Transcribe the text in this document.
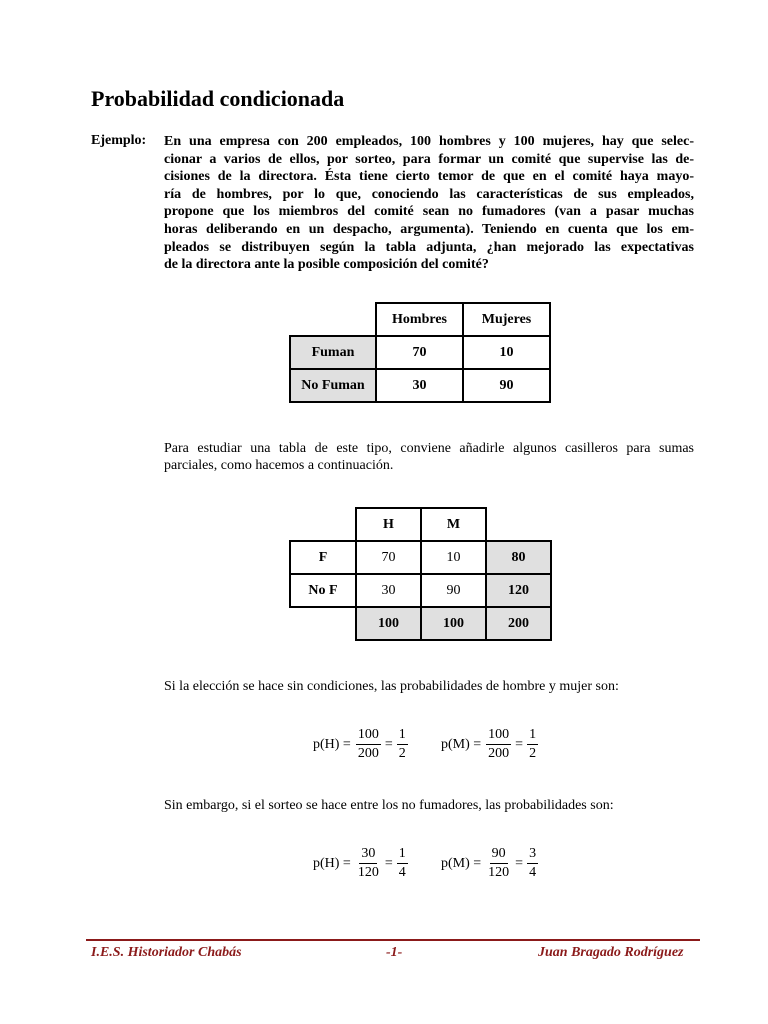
Probabilidad condicionada
Ejemplo: En una empresa con 200 empleados, 100 hombres y 100 mujeres, hay que selec-
cionar a varios de ellos, por sorteo, para formar un comité que supervise las de-
cisiones de la directora. Ésta tiene cierto temor de que en el comité haya mayo-
ría de hombres, por lo que, conociendo las características de sus empleados,
propone que los miembros del comité sean no fumadores (van a pasar muchas
horas deliberando en un despacho, argumenta). Teniendo en cuenta que los em-
pleados se distribuyen según la tabla adjunta, ¿han mejorado las expectativas
de la directora ante la posible composición del comité?
	Hombres	Mujeres
Fuman	70	10
No Fuman	30	90

Para estudiar una tabla de este tipo, conviene añadirle algunos casilleros para sumas
parciales, como hacemos a continuación.

	H	M	
F	70	10	80
No F	30	90	120
	100	100	200

Si la elección se hace sin condiciones, las probabilidades de hombre y mujer son:

$p(H) = \frac{100}{200} = \frac{1}{2} p(M) = \frac{100}{200} = \frac{1}{2}$

Sin embargo, si el sorteo se hace entre los no fumadores, las probabilidades son:

$p(H) = \frac{30}{120} = \frac{1}{4} p(M) = \frac{90}{120} = \frac{3}{4}$
I.E.S. Historiador Chabás	-1-	Juan Bragado Rodríguez
